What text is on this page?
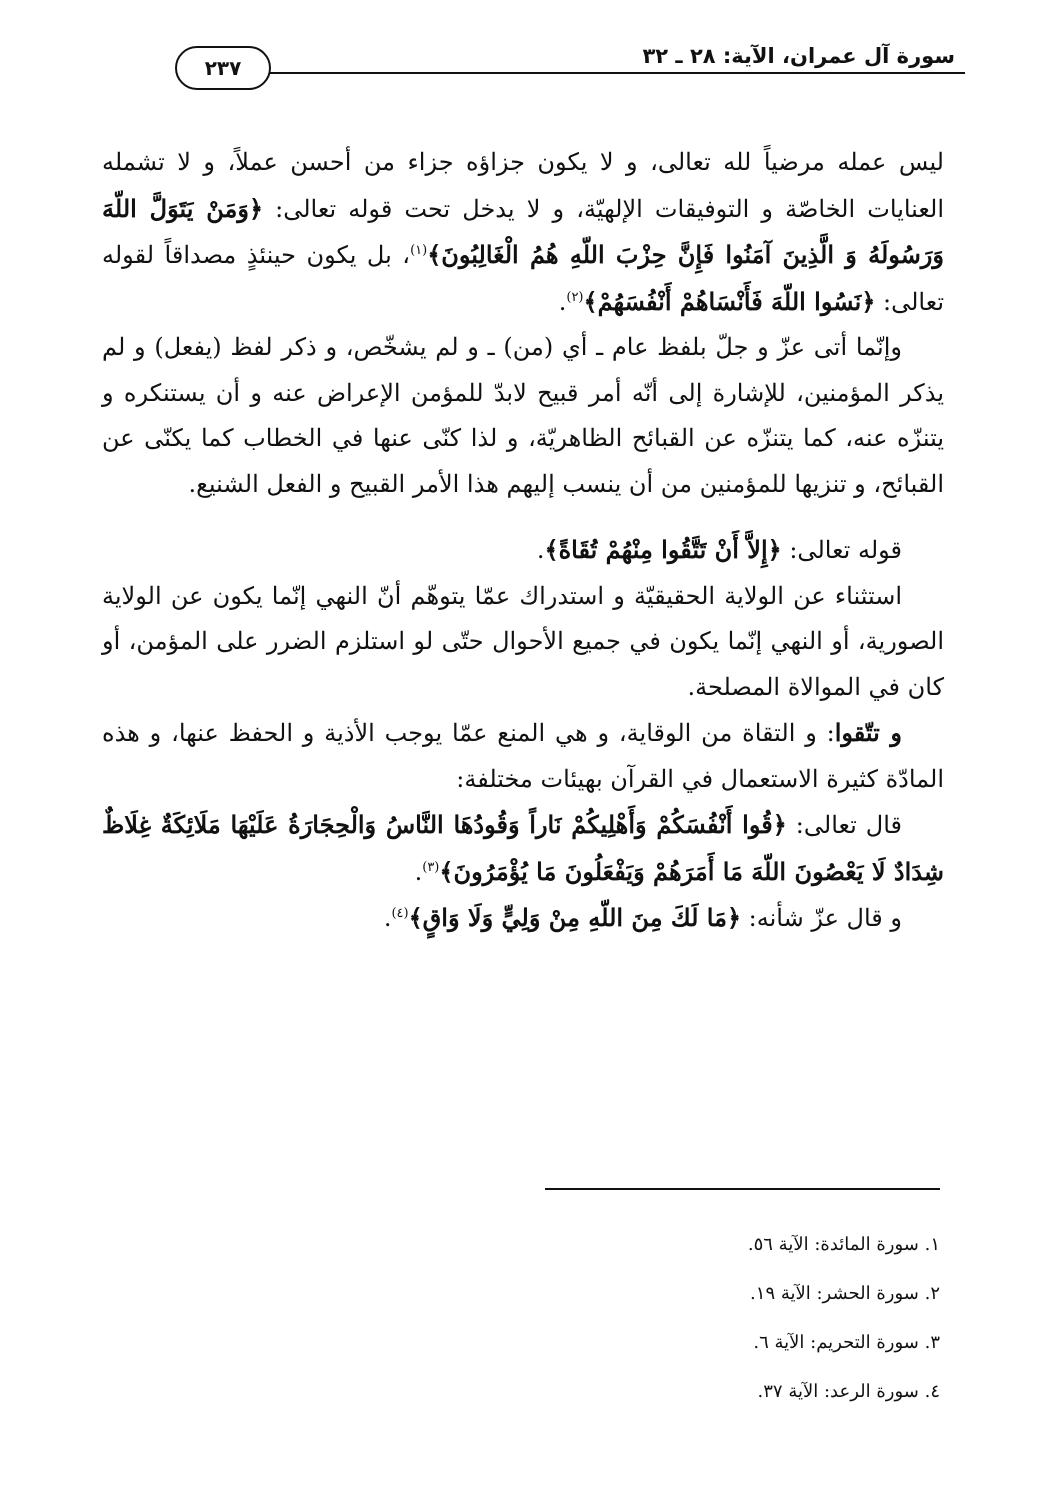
سورة آل عمران، الآية: ٢٨ ـ ٣٢
٢٣٧

ليس عمله مرضياً لله تعالى، و لا يكون جزاؤه جزاء من أحسن عملاً، و لا تشمله العنايات الخاصّة و التوفيقات الإلهيّة، و لا يدخل تحت قوله تعالى: ﴿وَمَنْ يَتَوَلَّ اللّهَ وَرَسُولَهُ وَ الَّذِينَ آمَنُوا فَإِنَّ حِزْبَ اللّهِ هُمُ الْغَالِبُونَ﴾$^{(١)}$، بل يكون حينئذٍ مصداقاً لقوله تعالى: ﴿نَسُوا اللّهَ فَأَنْسَاهُمْ أَنْفُسَهُمْ﴾$^{(٢)}$.

وإنّما أتى عزّ و جلّ بلفظ عام ـ أي (من) ـ و لم يشخّص، و ذكر لفظ (يفعل) و لم يذكر المؤمنين، للإشارة إلى أنّه أمر قبيح لابدّ للمؤمن الإعراض عنه و أن يستنكره و يتنزّه عنه، كما يتنزّه عن القبائح الظاهريّة، و لذا كنّى عنها في الخطاب كما يكنّى عن القبائح، و تنزيها للمؤمنين من أن ينسب إليهم هذا الأمر القبيح و الفعل الشنيع.

قوله تعالى: ﴿إِلاَّ أَنْ تَتَّقُوا مِنْهُمْ تُقَاةً﴾.

استثناء عن الولاية الحقيقيّة و استدراك عمّا يتوهّم أنّ النهي إنّما يكون عن الولاية الصورية، أو النهي إنّما يكون في جميع الأحوال حتّى لو استلزم الضرر على المؤمن، أو كان في الموالاة المصلحة.

و تتّقوا: و التقاة من الوقاية، و هي المنع عمّا يوجب الأذية و الحفظ عنها، و هذه المادّة كثيرة الاستعمال في القرآن بهيئات مختلفة:

قال تعالى: ﴿قُوا أَنْفُسَكُمْ وَأَهْلِيكُمْ نَاراً وَقُودُهَا النَّاسُ وَالْحِجَارَةُ عَلَيْهَا مَلَائِكَةٌ غِلَاظٌ شِدَادٌ لَا يَعْصُونَ اللّهَ مَا أَمَرَهُمْ وَيَفْعَلُونَ مَا يُؤْمَرُونَ﴾$^{(٣)}$.

و قال عزّ شأنه: ﴿مَا لَكَ مِنَ اللّهِ مِنْ وَلِيٍّ وَلَا وَاقٍ﴾$^{(٤)}$.

١. سورة المائدة: الآية ٥٦.
٢. سورة الحشر: الآية ١٩.
٣. سورة التحريم: الآية ٦.
٤. سورة الرعد: الآية ٣٧.
